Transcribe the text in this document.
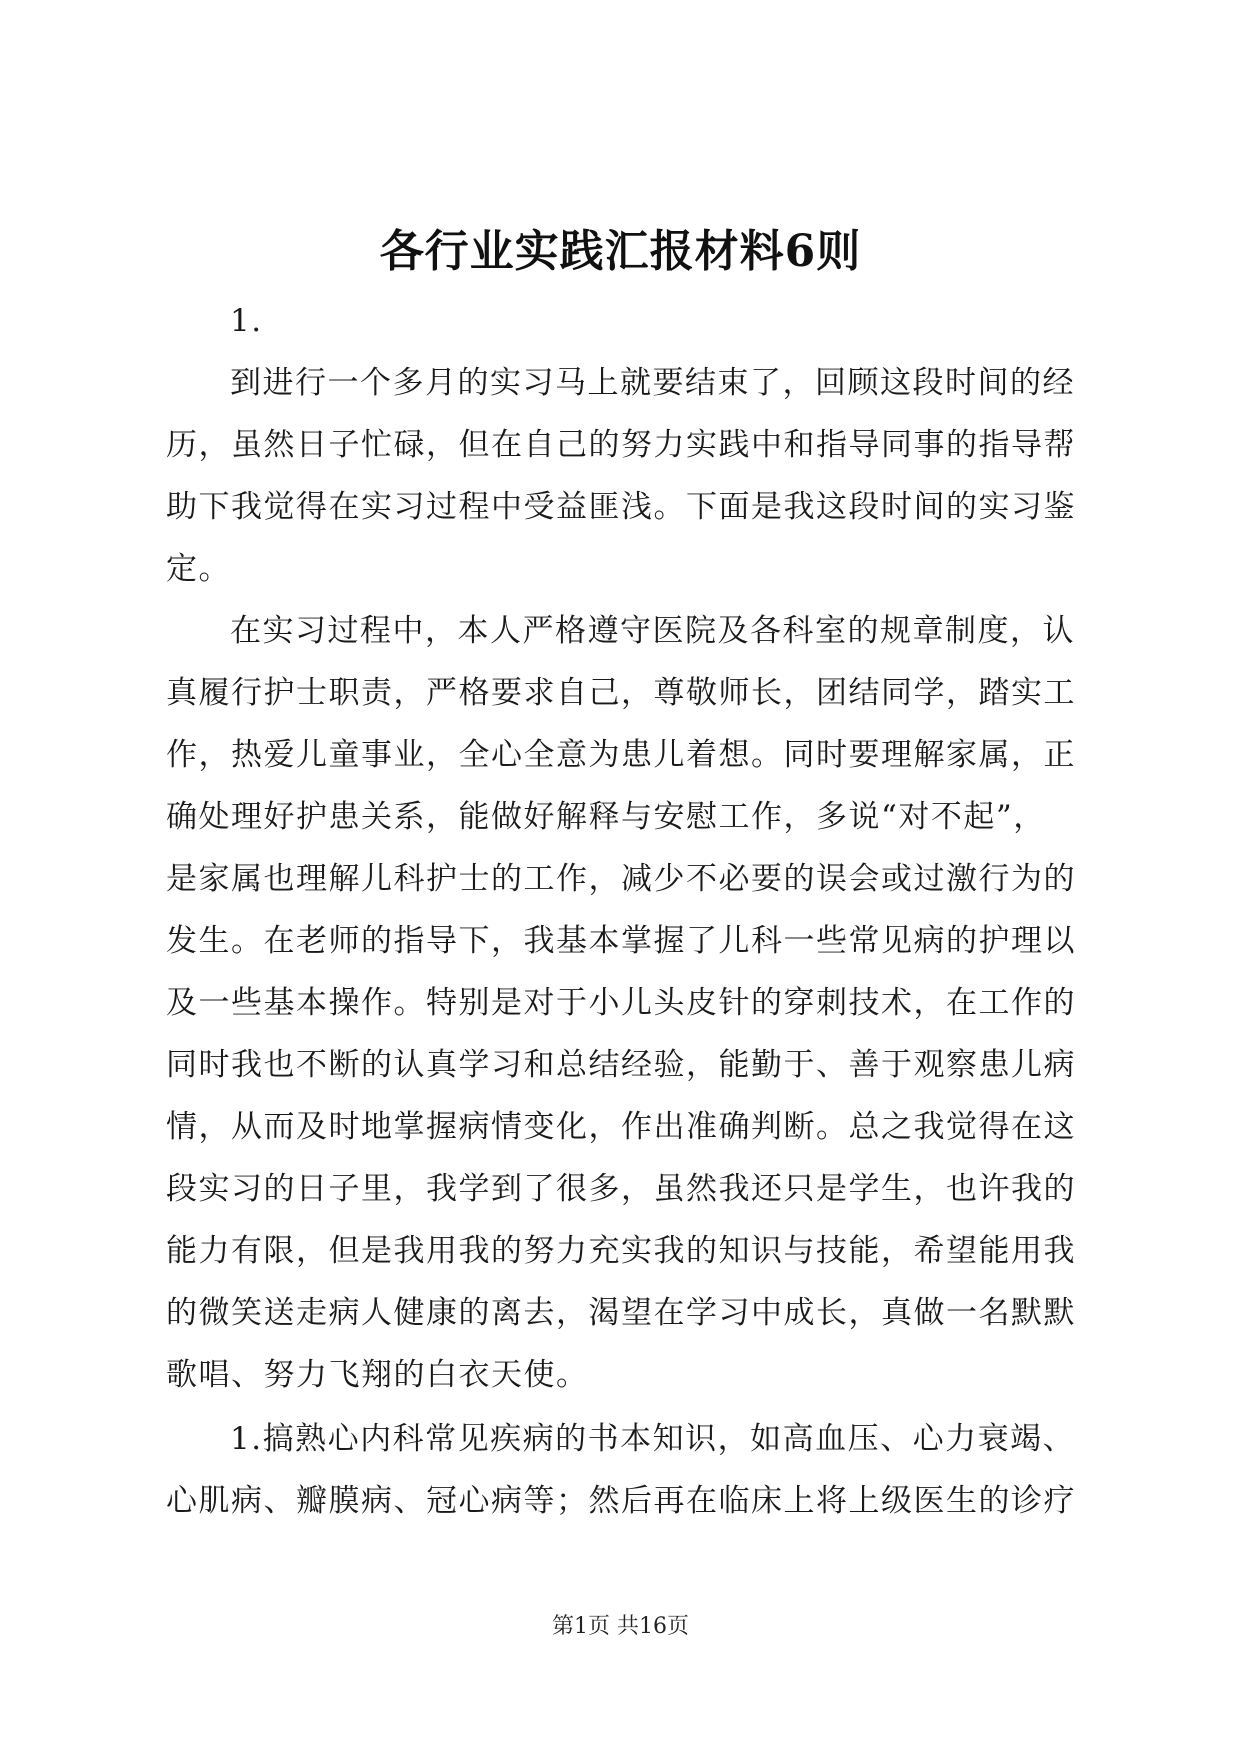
各行业实践汇报材料6则
1.
到进行一个多月的实习马上就要结束了，回顾这段时间的经
历，虽然日子忙碌，但在自己的努力实践中和指导同事的指导帮
助下我觉得在实习过程中受益匪浅。下面是我这段时间的实习鉴
定。
在实习过程中，本人严格遵守医院及各科室的规章制度，认
真履行护士职责，严格要求自己，尊敬师长，团结同学，踏实工
作，热爱儿童事业，全心全意为患儿着想。同时要理解家属，正
确处理好护患关系，能做好解释与安慰工作，多说“对不起”，
是家属也理解儿科护士的工作，减少不必要的误会或过激行为的
发生。在老师的指导下，我基本掌握了儿科一些常见病的护理以
及一些基本操作。特别是对于小儿头皮针的穿刺技术，在工作的
同时我也不断的认真学习和总结经验，能勤于、善于观察患儿病
情，从而及时地掌握病情变化，作出准确判断。总之我觉得在这
段实习的日子里，我学到了很多，虽然我还只是学生，也许我的
能力有限，但是我用我的努力充实我的知识与技能，希望能用我
的微笑送走病人健康的离去，渴望在学习中成长，真做一名默默
歌唱、努力飞翔的白衣天使。
1.搞熟心内科常见疾病的书本知识，如高血压、心力衰竭、
心肌病、瓣膜病、冠心病等；然后再在临床上将上级医生的诊疗
第1页 共16页
